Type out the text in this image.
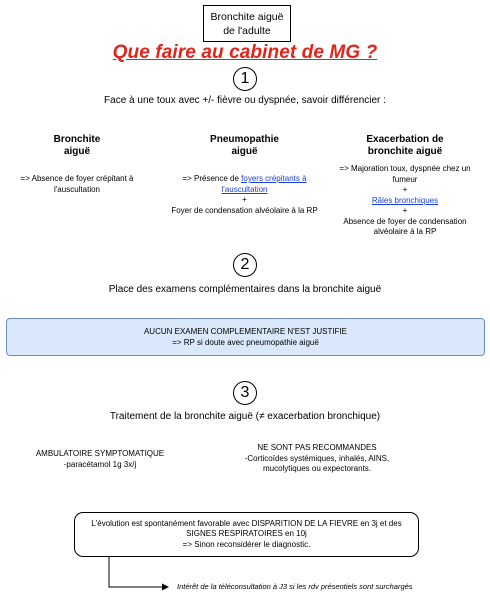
Bronchite aiguë
de l'adulte
Que faire au cabinet de MG ?
1
Face à une toux avec +/- fièvre ou dyspnée, savoir différencier :
Bronchite
aiguë
=> Absence de foyer crépitant à
l'auscultation
Pneumopathie
aiguë
=> Présence de foyers crépitants à
l'auscultation
+
Foyer de condensation alvéolaire à la RP
Exacerbation de
bronchite aiguë
=> Majoration toux, dyspnée chez un
fumeur
+
Râles bronchiques
+
Absence de foyer de condensation
alvéolaire à la RP
2
Place des examens complémentaires dans la bronchite aiguë
AUCUN EXAMEN COMPLEMENTAIRE N'EST JUSTIFIE
=> RP si doute avec pneumopathie aiguë
3
Traitement de la bronchite aiguë (≠ exacerbation bronchique)
AMBULATOIRE SYMPTOMATIQUE
-paracétamol 1g 3x/j
NE SONT PAS RECOMMANDES
-Corticoïdes systémiques, inhalés, AINS,
mucolytiques ou expectorants.
L'évolution est spontanément favorable avec DISPARITION DE LA FIEVRE en 3j et des
SIGNES RESPIRATOIRES en 10j
=> Sinon reconsidérer le diagnostic.
Intérêt de la téléconsultation à J3 si les rdv présentiels sont surchargés
